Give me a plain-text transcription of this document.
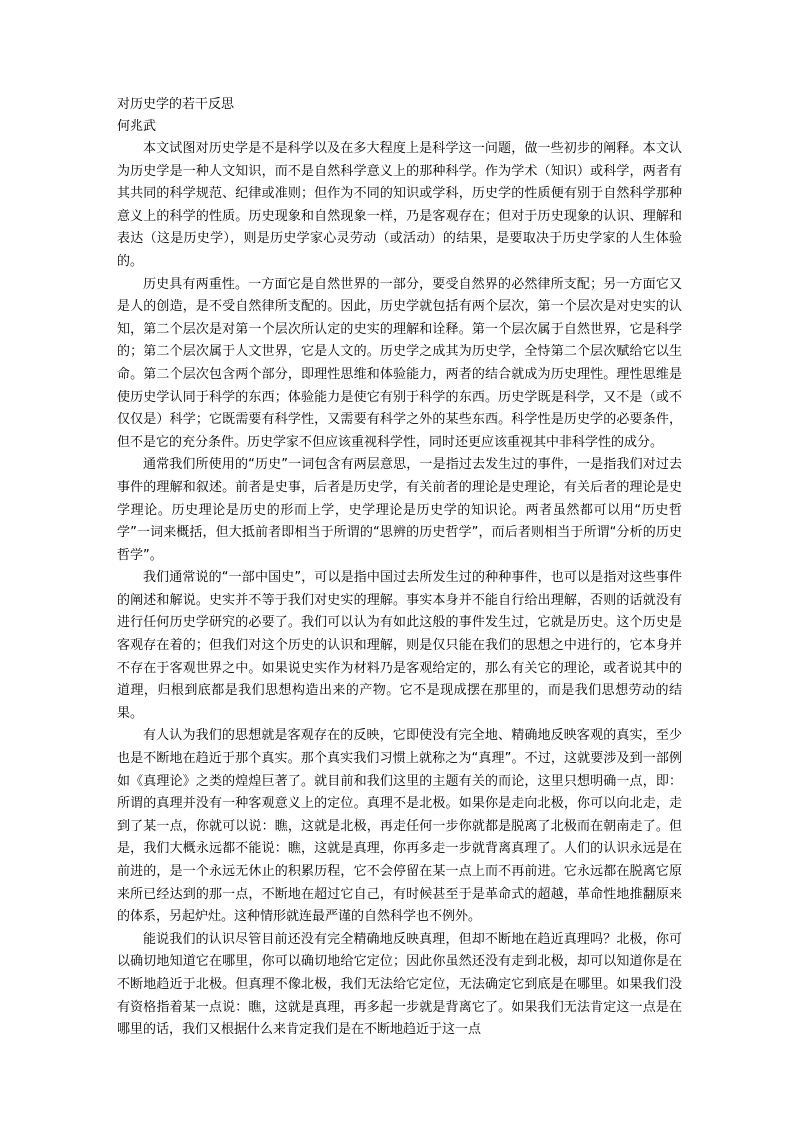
对历史学的若干反思

何兆武

本文试图对历史学是不是科学以及在多大程度上是科学这一问题，做一些初步的阐释。本文认为历史学是一种人文知识，而不是自然科学意义上的那种科学。作为学术（知识）或科学，两者有其共同的科学规范、纪律或准则；但作为不同的知识或学科，历史学的性质便有别于自然科学那种意义上的科学的性质。历史现象和自然现象一样，乃是客观存在；但对于历史现象的认识、理解和表达（这是历史学），则是历史学家心灵劳动（或活动）的结果，是要取决于历史学家的人生体验的。

历史具有两重性。一方面它是自然世界的一部分，要受自然界的必然律所支配；另一方面它又是人的创造，是不受自然律所支配的。因此，历史学就包括有两个层次，第一个层次是对史实的认知，第二个层次是对第一个层次所认定的史实的理解和诠释。第一个层次属于自然世界，它是科学的；第二个层次属于人文世界，它是人文的。历史学之成其为历史学，全恃第二个层次赋给它以生命。第二个层次包含两个部分，即理性思维和体验能力，两者的结合就成为历史理性。理性思维是使历史学认同于科学的东西；体验能力是使它有别于科学的东西。历史学既是科学，又不是（或不仅仅是）科学；它既需要有科学性，又需要有科学之外的某些东西。科学性是历史学的必要条件，但不是它的充分条件。历史学家不但应该重视科学性，同时还更应该重视其中非科学性的成分。

通常我们所使用的“历史”一词包含有两层意思，一是指过去发生过的事件，一是指我们对过去事件的理解和叙述。前者是史事，后者是历史学，有关前者的理论是史理论，有关后者的理论是史学理论。历史理论是历史的形而上学，史学理论是历史学的知识论。两者虽然都可以用“历史哲学”一词来概括，但大抵前者即相当于所谓的“思辨的历史哲学”，而后者则相当于所谓“分析的历史哲学”。

我们通常说的“一部中国史”，可以是指中国过去所发生过的种种事件，也可以是指对这些事件的阐述和解说。史实并不等于我们对史实的理解。事实本身并不能自行给出理解，否则的话就没有进行任何历史学研究的必要了。我们可以认为有如此这般的事件发生过，它就是历史。这个历史是客观存在着的；但我们对这个历史的认识和理解，则是仅只能在我们的思想之中进行的，它本身并不存在于客观世界之中。如果说史实作为材料乃是客观给定的，那么有关它的理论，或者说其中的道理，归根到底都是我们思想构造出来的产物。它不是现成摆在那里的，而是我们思想劳动的结果。

有人认为我们的思想就是客观存在的反映，它即使没有完全地、精确地反映客观的真实，至少也是不断地在趋近于那个真实。那个真实我们习惯上就称之为“真理”。不过，这就要涉及到一部例如《真理论》之类的煌煌巨著了。就目前和我们这里的主题有关的而论，这里只想明确一点，即：所谓的真理并没有一种客观意义上的定位。真理不是北极。如果你是走向北极，你可以向北走，走到了某一点，你就可以说：瞧，这就是北极，再走任何一步你就都是脱离了北极而在朝南走了。但是，我们大概永远都不能说：瞧，这就是真理，你再多走一步就背离真理了。人们的认识永远是在前进的，是一个永远无休止的积累历程，它不会停留在某一点上而不再前进。它永远都在脱离它原来所已经达到的那一点，不断地在超过它自己，有时候甚至于是革命式的超越，革命性地推翻原来的体系，另起炉灶。这种情形就连最严谨的自然科学也不例外。

能说我们的认识尽管目前还没有完全精确地反映真理，但却不断地在趋近真理吗？北极，你可以确切地知道它在哪里，你可以确切地给它定位；因此你虽然还没有走到北极，却可以知道你是在不断地趋近于北极。但真理不像北极，我们无法给它定位，无法确定它到底是在哪里。如果我们没有资格指着某一点说：瞧，这就是真理，再多起一步就是背离它了。如果我们无法肯定这一点是在哪里的话，我们又根据什么来肯定我们是在不断地趋近于这一点
